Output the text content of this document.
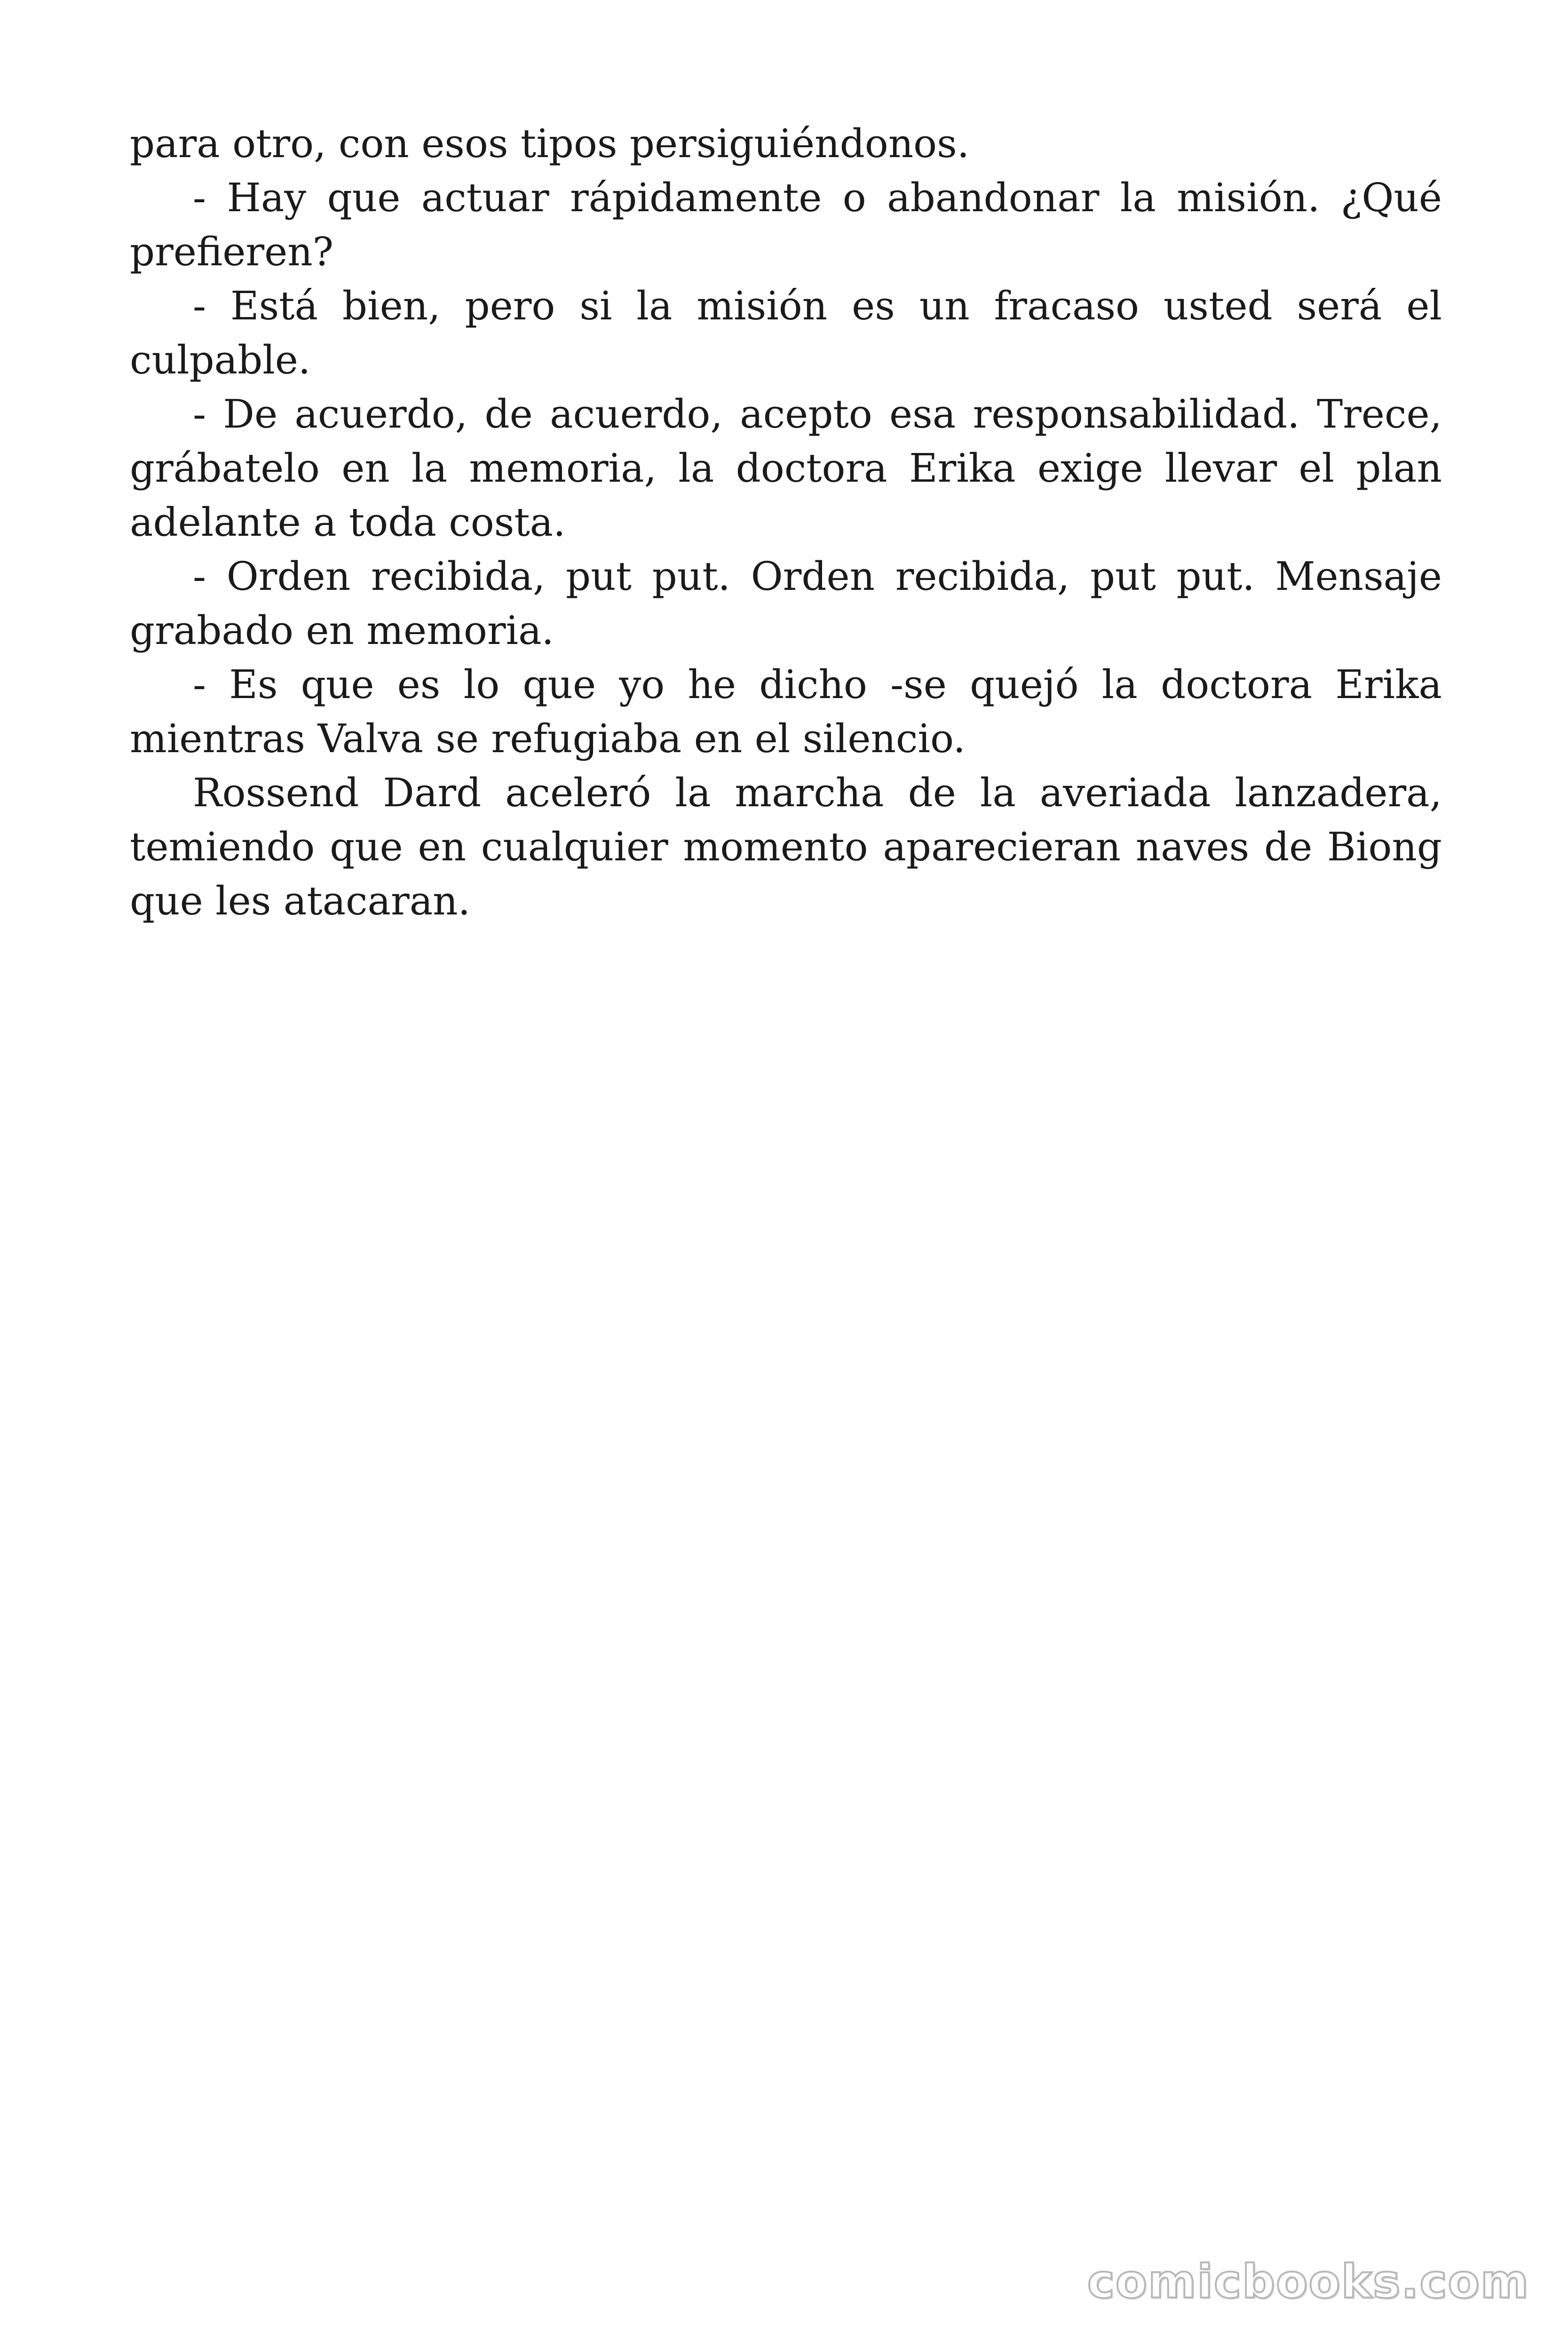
para otro, con esos tipos persiguiéndonos.

- Hay que actuar rápidamente o abandonar la misión. ¿Qué prefieren?

- Está bien, pero si la misión es un fracaso usted será el culpable.

- De acuerdo, de acuerdo, acepto esa responsabilidad. Trece, grábatelo en la memoria, la doctora Erika exige llevar el plan adelante a toda costa.

- Orden recibida, put put. Orden recibida, put put. Mensaje grabado en memoria.

- Es que es lo que yo he dicho -se quejó la doctora Erika mientras Valva se refugiaba en el silencio.

Rossend Dard aceleró la marcha de la averiada lanzadera, temiendo que en cualquier momento aparecieran naves de Biong que les atacaran.

comicbooks.com
